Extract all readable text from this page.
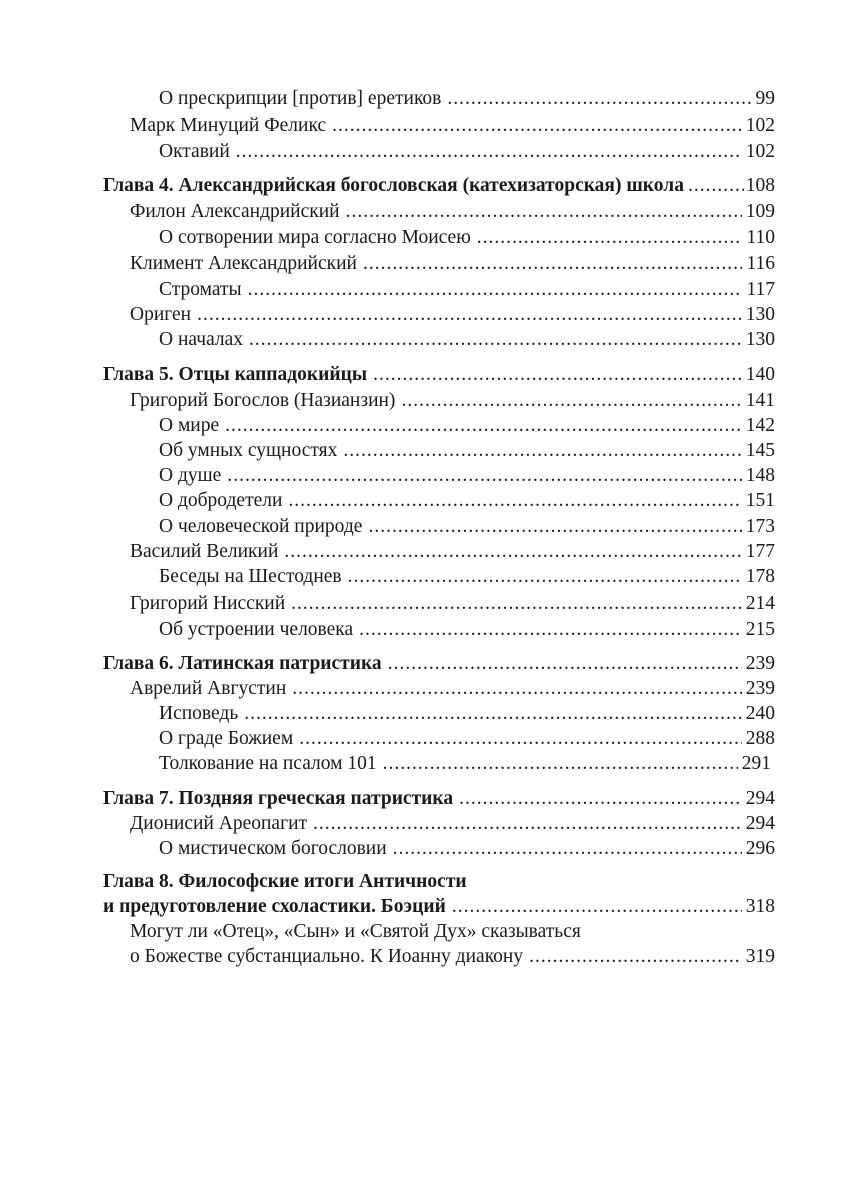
О прескрипции [против] еретиков .....	99
Марк Минуций Феликс .....	102
Октавий .....	102
Глава 4. Александрийская богословская (катехизаторская) школа .....	108
Филон Александрийский .....	109
О сотворении мира согласно Моисею .....	110
Климент Александрийский .....	116
Строматы .....	117
Ориген .....	130
О началах .....	130
Глава 5. Отцы каппадокийцы .....	140
Григорий Богослов (Назианзин) .....	141
О мире .....	142
Об умных сущностях .....	145
О душе .....	148
О добродетели .....	151
О человеческой природе .....	173
Василий Великий .....	177
Беседы на Шестоднев .....	178
Григорий Нисский .....	214
Об устроении человека .....	215
Глава 6. Латинская патристика .....	239
Аврелий Августин .....	239
Исповедь .....	240
О граде Божием .....	288
Толкование на псалом 101 .....	291
Глава 7. Поздняя греческая патристика .....	294
Дионисий Ареопагит .....	294
О мистическом богословии .....	296
Глава 8. Философские итоги Античности
и предуготовление схоластики. Боэций .....	318
Могут ли «Отец», «Сын» и «Святой Дух» сказываться
о Божестве субстанциально. К Иоанну диакону .....	319
